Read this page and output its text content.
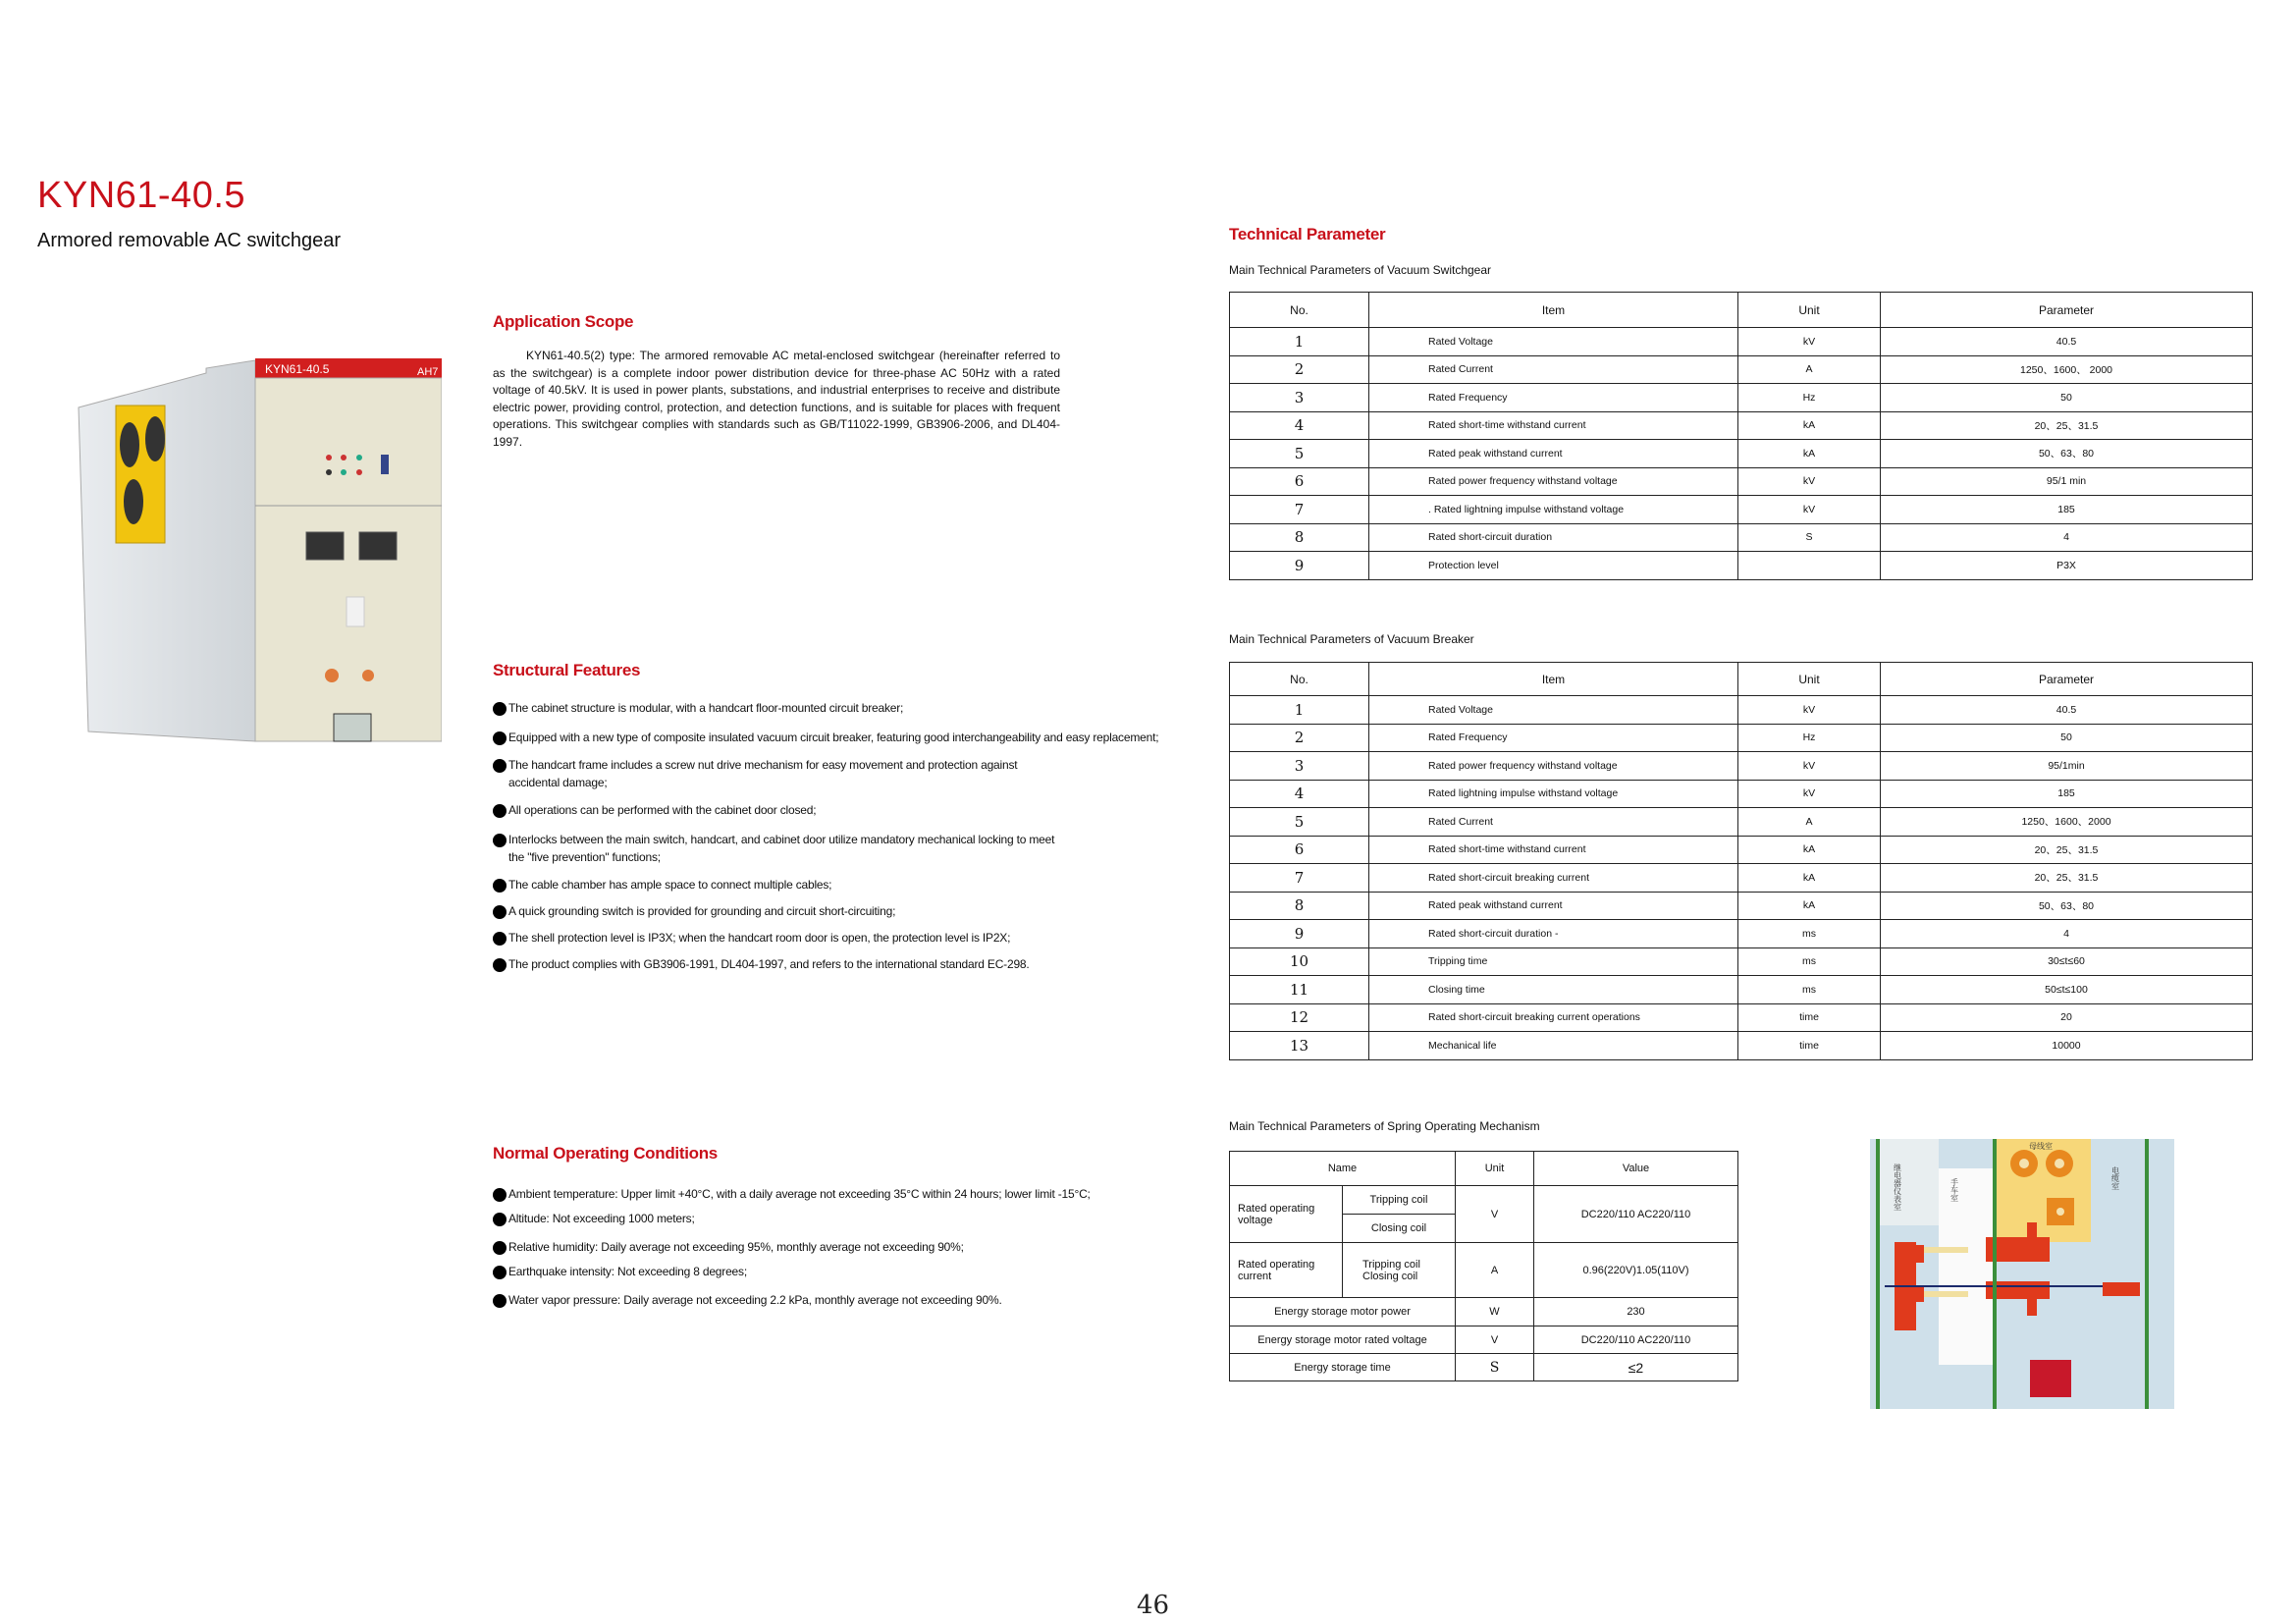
KYN61-40.5
Armored removable AC switchgear
KYN61-40.5	AH7
Application Scope
KYN61-40.5(2) type: The armored removable AC metal-enclosed switchgear (hereinafter referred to as the switchgear) is a complete indoor power distribution device for three-phase AC 50Hz with a rated voltage of 40.5kV. It is used in power plants, substations, and industrial enterprises to receive and distribute electric power, providing control, protection, and detection functions, and is suitable for places with frequent operations. This switchgear complies with standards such as GB/T11022-1999, GB3906-2006, and DL404-1997.
Structural Features
The cabinet structure is modular, with a handcart floor-mounted circuit breaker;
Equipped with a new type of composite insulated vacuum circuit breaker, featuring good interchangeability and easy replacement;
The handcart frame includes a screw nut drive mechanism for easy movement and protection against accidental damage;
All operations can be performed with the cabinet door closed;
Interlocks between the main switch, handcart, and cabinet door utilize mandatory mechanical locking to meet the "five prevention" functions;
The cable chamber has ample space to connect multiple cables;
A quick grounding switch is provided for grounding and circuit short-circuiting;
The shell protection level is IP3X; when the handcart room door is open, the protection level is IP2X;
The product complies with GB3906-1991, DL404-1997, and refers to the international standard EC-298.
Normal Operating Conditions
Ambient temperature: Upper limit +40°C, with a daily average not exceeding 35°C within 24 hours; lower limit -15°C;
Altitude: Not exceeding 1000 meters;
Relative humidity: Daily average not exceeding 95%, monthly average not exceeding 90%;
Earthquake intensity: Not exceeding 8 degrees;
Water vapor pressure: Daily average not exceeding 2.2 kPa, monthly average not exceeding 90%.
Technical Parameter
Main Technical Parameters of Vacuum Switchgear
No.	Item	Unit	Parameter
1	Rated Voltage	kV	40.5
2	Rated Current	A	1250、1600、 2000
3	Rated Frequency	Hz	50
4	Rated short-time withstand current	kA	20、25、31.5
5	Rated peak withstand current	kA	50、63、80
6	Rated power frequency withstand voltage	kV	95/1 min
7	. Rated lightning impulse withstand voltage	kV	185
8	Rated short-circuit duration	S	4
9	Protection level		P3X
Main Technical Parameters of Vacuum Breaker
No.	Item	Unit	Parameter
1	Rated Voltage	kV	40.5
2	Rated Frequency	Hz	50
3	Rated power frequency withstand voltage	kV	95/1min
4	Rated lightning impulse withstand voltage	kV	185
5	Rated Current	A	1250、1600、2000
6	Rated short-time withstand current	kA	20、25、31.5
7	Rated short-circuit breaking current	kA	20、25、31.5
8	Rated peak withstand current	kA	50、63、80
9	Rated short-circuit duration -	ms	4
10	Tripping time	ms	30≤t≤60
11	Closing time	ms	50≤t≤100
12	Rated short-circuit breaking current operations	time	20
13	Mechanical life	time	10000
Main Technical Parameters of Spring Operating Mechanism
Name		Unit	Value
Rated operating voltage	Tripping coil	V	DC220/110 AC220/110
	Closing coil		
Rated operating current	Tripping coil Closing coil	A	0.96(220V)1.05(110V)
Energy storage motor power		W	230
Energy storage motor rated voltage		V	DC220/110 AC220/110
Energy storage time		S	≤2
继电器仪表室	手车室
母线室
电缆室
46
